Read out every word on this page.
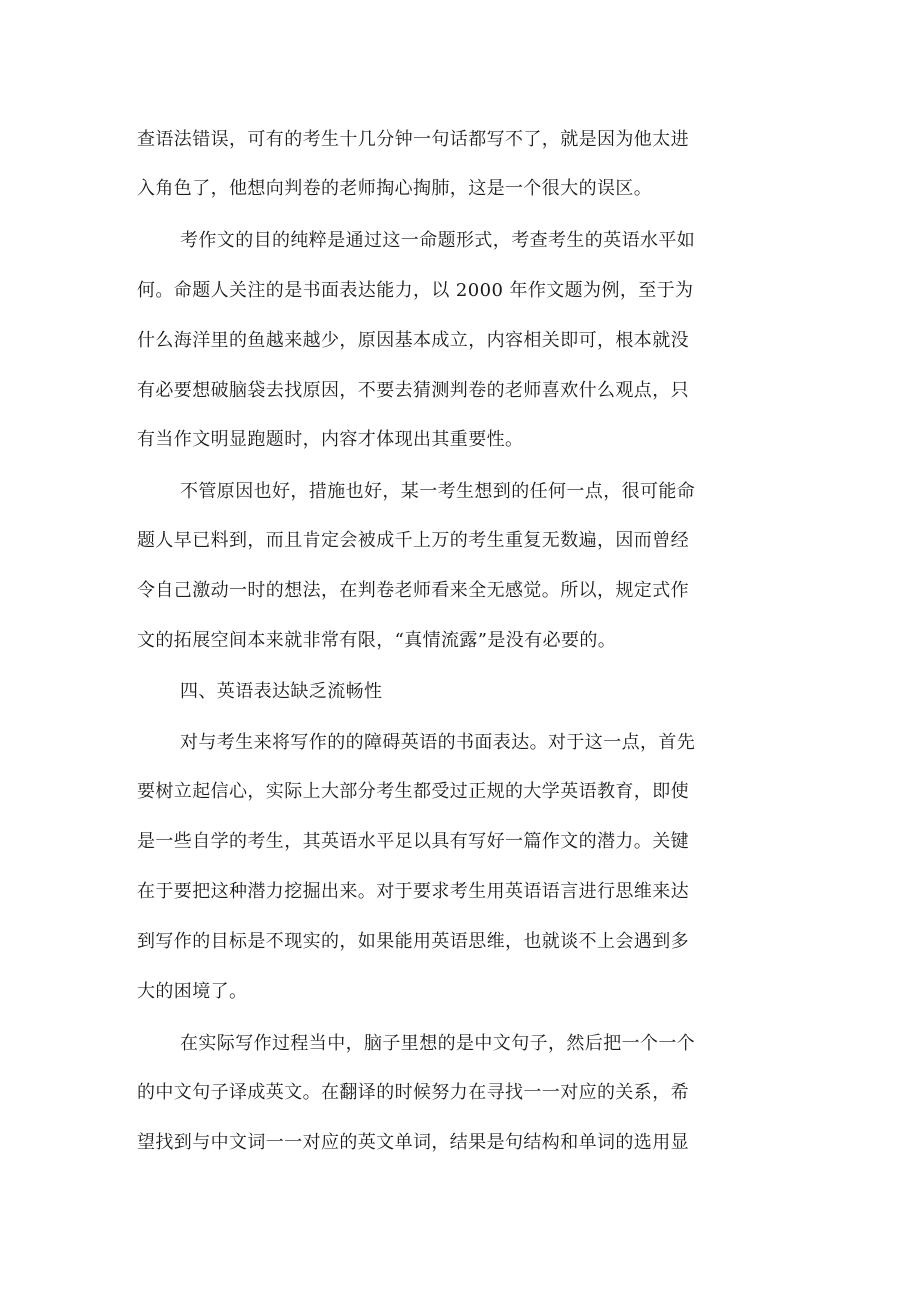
查语法错误，可有的考生十几分钟一句话都写不了，就是因为他太进
入角色了，他想向判卷的老师掏心掏肺，这是一个很大的误区。
考作文的目的纯粹是通过这一命题形式，考查考生的英语水平如
何。命题人关注的是书面表达能力，以 2000 年作文题为例，至于为
什么海洋里的鱼越来越少，原因基本成立，内容相关即可，根本就没
有必要想破脑袋去找原因，不要去猜测判卷的老师喜欢什么观点，只
有当作文明显跑题时，内容才体现出其重要性。
不管原因也好，措施也好，某一考生想到的任何一点，很可能命
题人早已料到，而且肯定会被成千上万的考生重复无数遍，因而曾经
令自己激动一时的想法，在判卷老师看来全无感觉。所以，规定式作
文的拓展空间本来就非常有限，“真情流露”是没有必要的。
四、英语表达缺乏流畅性
对与考生来将写作的的障碍英语的书面表达。对于这一点，首先
要树立起信心，实际上大部分考生都受过正规的大学英语教育，即使
是一些自学的考生，其英语水平足以具有写好一篇作文的潜力。关键
在于要把这种潜力挖掘出来。对于要求考生用英语语言进行思维来达
到写作的目标是不现实的，如果能用英语思维，也就谈不上会遇到多
大的困境了。
在实际写作过程当中，脑子里想的是中文句子，然后把一个一个
的中文句子译成英文。在翻译的时候努力在寻找一一对应的关系，希
望找到与中文词一一对应的英文单词，结果是句结构和单词的选用显
